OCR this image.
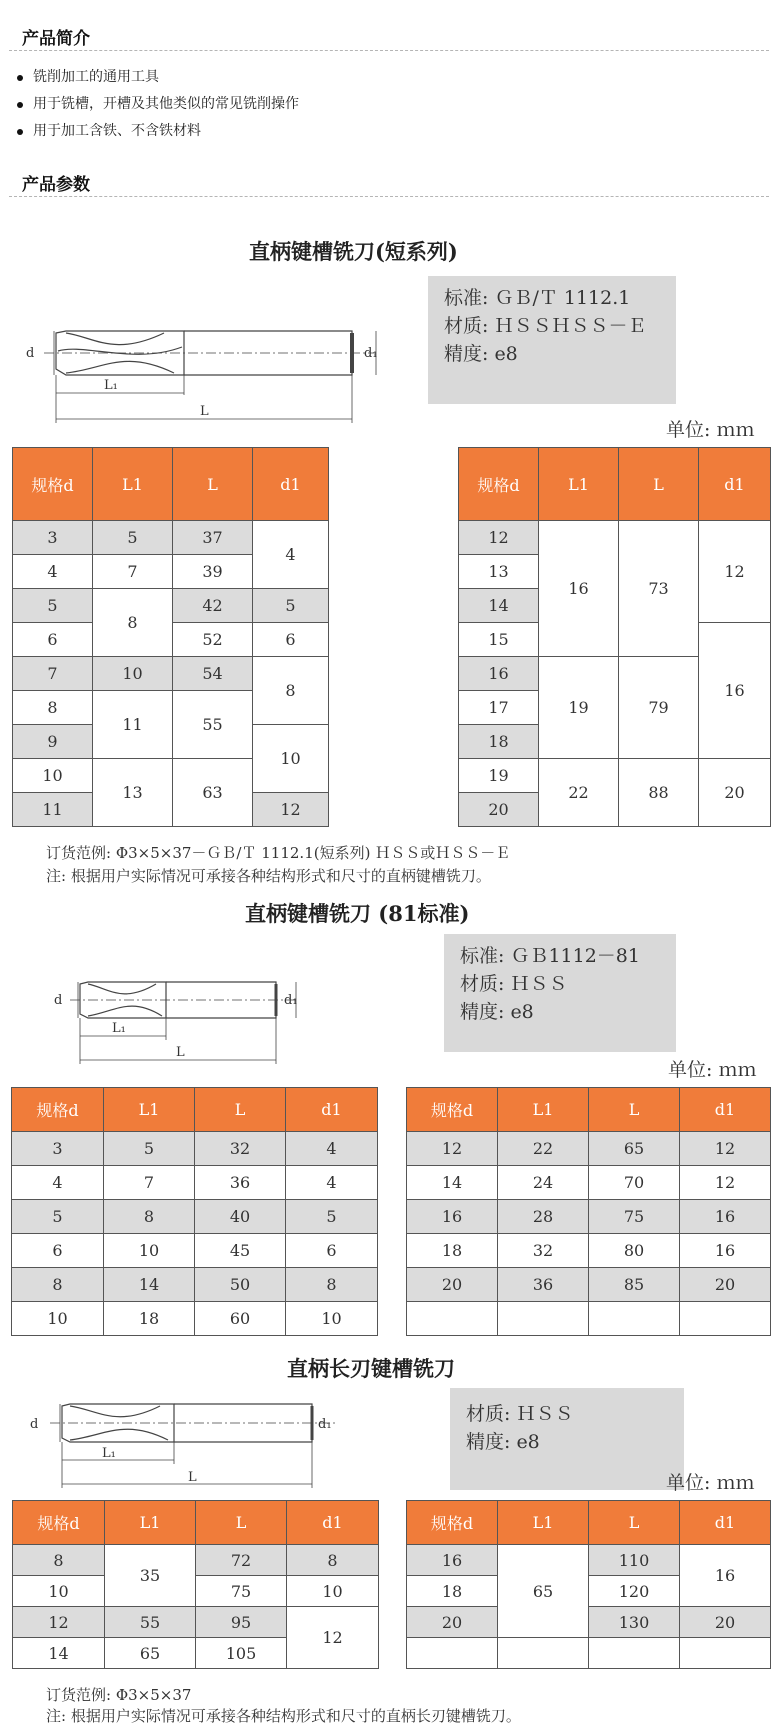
产品简介
铣削加工的通用工具
用于铣槽，开槽及其他类似的常见铣削操作
用于加工含铁、不含铁材料
产品参数
直柄键槽铣刀(短系列)
d	d₁
L₁
L
标准: ＧＢ/Ｔ 1112.1
材质: ＨＳＳＨＳＳ－Ｅ
精度: e8
单位: ｍｍ
规格d	L1	L	d1
3	5	37	4
4	7	39	
5	8	42	5
6		52	6
7	10	54	8
8	11	55	
9			10
10	13	63	
11			12
规格d	L1	L	d1
12	16	73	12
13			
14			
15			16
16	19	79	
17			
18			
19	22	88	20
20			
订货范例: Φ3×5×37－ＧＢ/Ｔ 1112.1(短系列) ＨＳＳ或ＨＳＳ－Ｅ
注: 根据用户实际情况可承接各种结构形式和尺寸的直柄键槽铣刀。
直柄键槽铣刀 (81标准)
d	d₁
L₁
L
标准: ＧＢ1112－81
材质: ＨＳＳ
精度: e8
单位: ｍｍ
规格d	L1	L	d1
3	5	32	4
4	7	36	4
5	8	40	5
6	10	45	6
8	14	50	8
10	18	60	10
规格d	L1	L	d1
12	22	65	12
14	24	70	12
16	28	75	16
18	32	80	16
20	36	85	20

直柄长刃键槽铣刀
d	d₁
L₁
L
材质: ＨＳＳ
精度: e8
单位: ｍｍ
规格d	L1	L	d1
8	35	72	8
10		75	10
12	55	95	12
14	65	105	
规格d	L1	L	d1
16	65	110	16
18		120	
20		130	20

订货范例: Φ3×5×37
注: 根据用户实际情况可承接各种结构形式和尺寸的直柄长刃键槽铣刀。
